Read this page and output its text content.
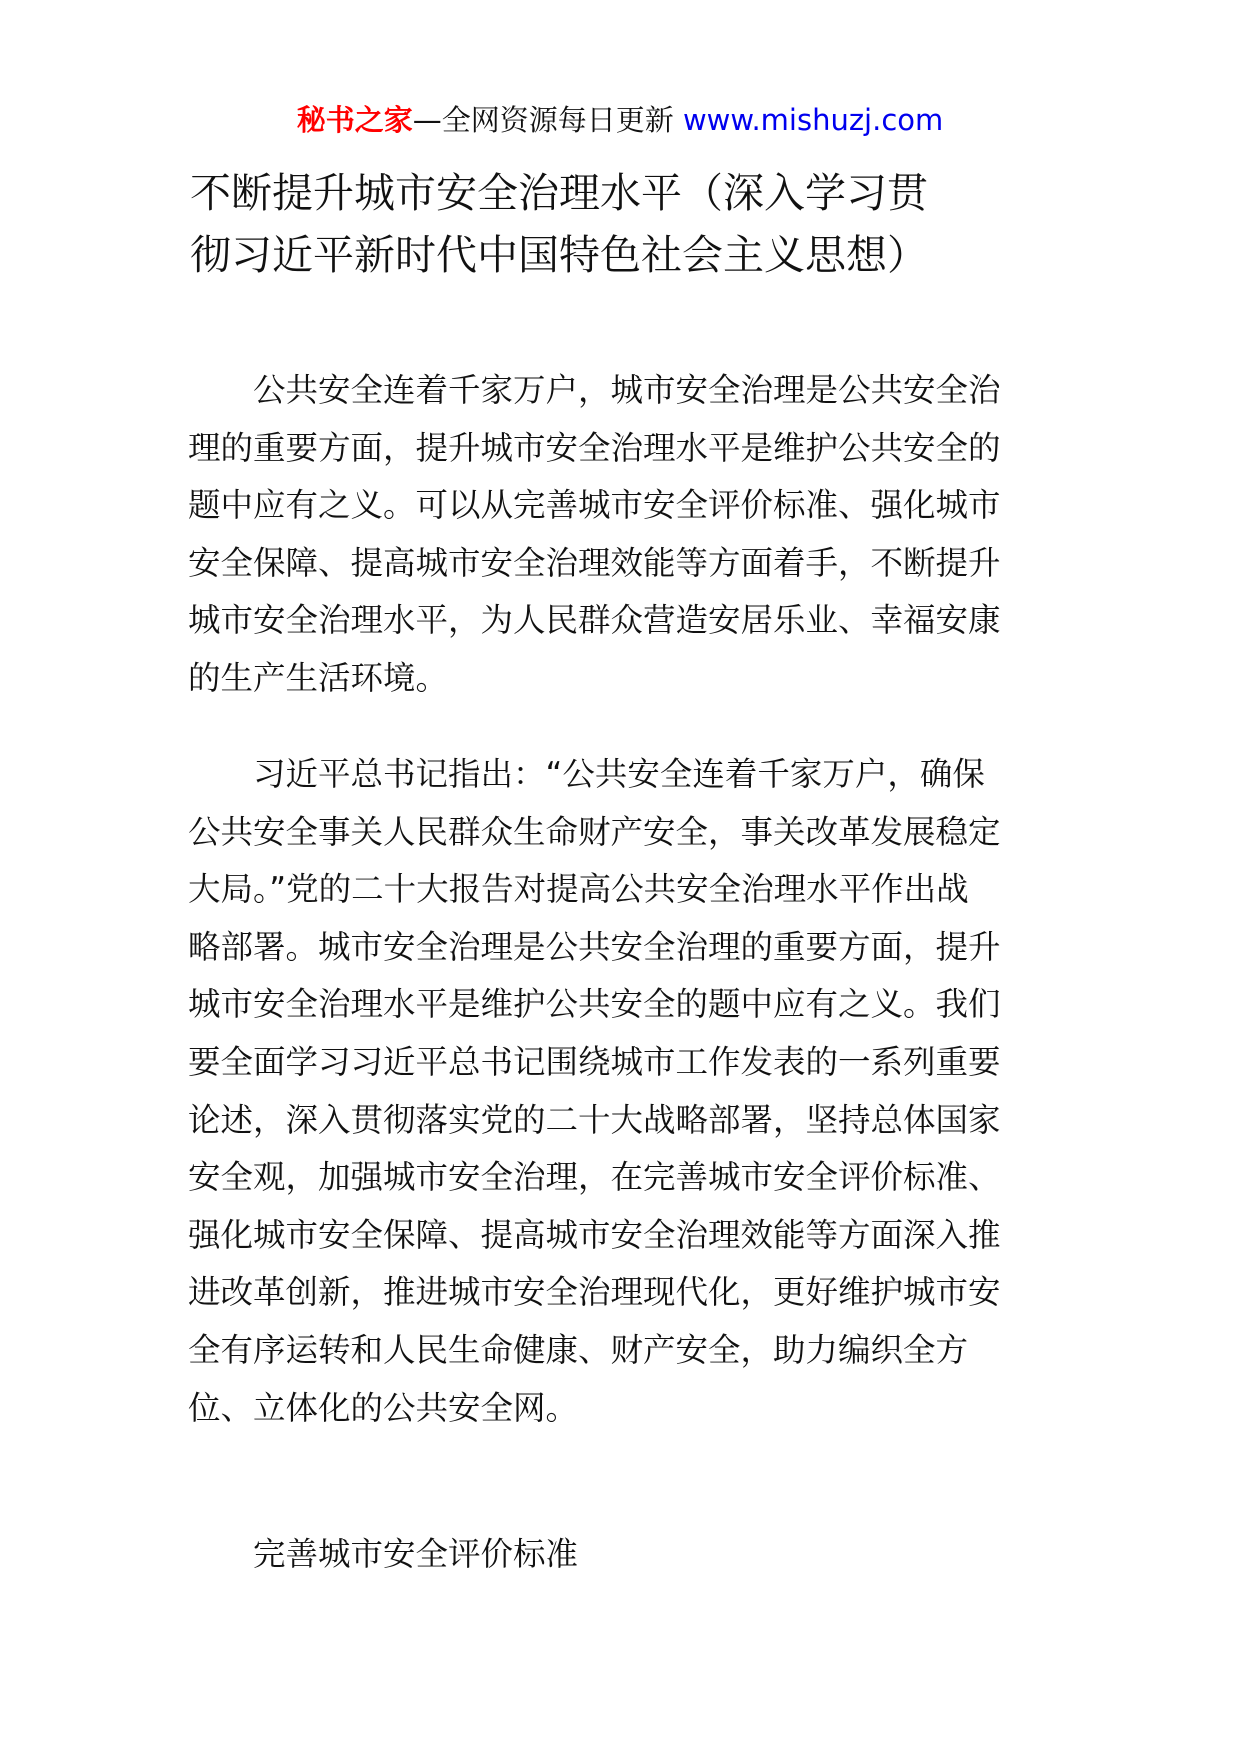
秘书之家—全网资源每日更新 www.mishuzj.com
不断提升城市安全治理水平（深入学习贯
彻习近平新时代中国特色社会主义思想）
　　公共安全连着千家万户，城市安全治理是公共安全治
理的重要方面，提升城市安全治理水平是维护公共安全的
题中应有之义。可以从完善城市安全评价标准、强化城市
安全保障、提高城市安全治理效能等方面着手，不断提升
城市安全治理水平，为人民群众营造安居乐业、幸福安康
的生产生活环境。
　　习近平总书记指出：“公共安全连着千家万户，确保
公共安全事关人民群众生命财产安全，事关改革发展稳定
大局。”党的二十大报告对提高公共安全治理水平作出战
略部署。城市安全治理是公共安全治理的重要方面，提升
城市安全治理水平是维护公共安全的题中应有之义。我们
要全面学习习近平总书记围绕城市工作发表的一系列重要
论述，深入贯彻落实党的二十大战略部署，坚持总体国家
安全观，加强城市安全治理，在完善城市安全评价标准、
强化城市安全保障、提高城市安全治理效能等方面深入推
进改革创新，推进城市安全治理现代化，更好维护城市安
全有序运转和人民生命健康、财产安全，助力编织全方
位、立体化的公共安全网。
　　完善城市安全评价标准
